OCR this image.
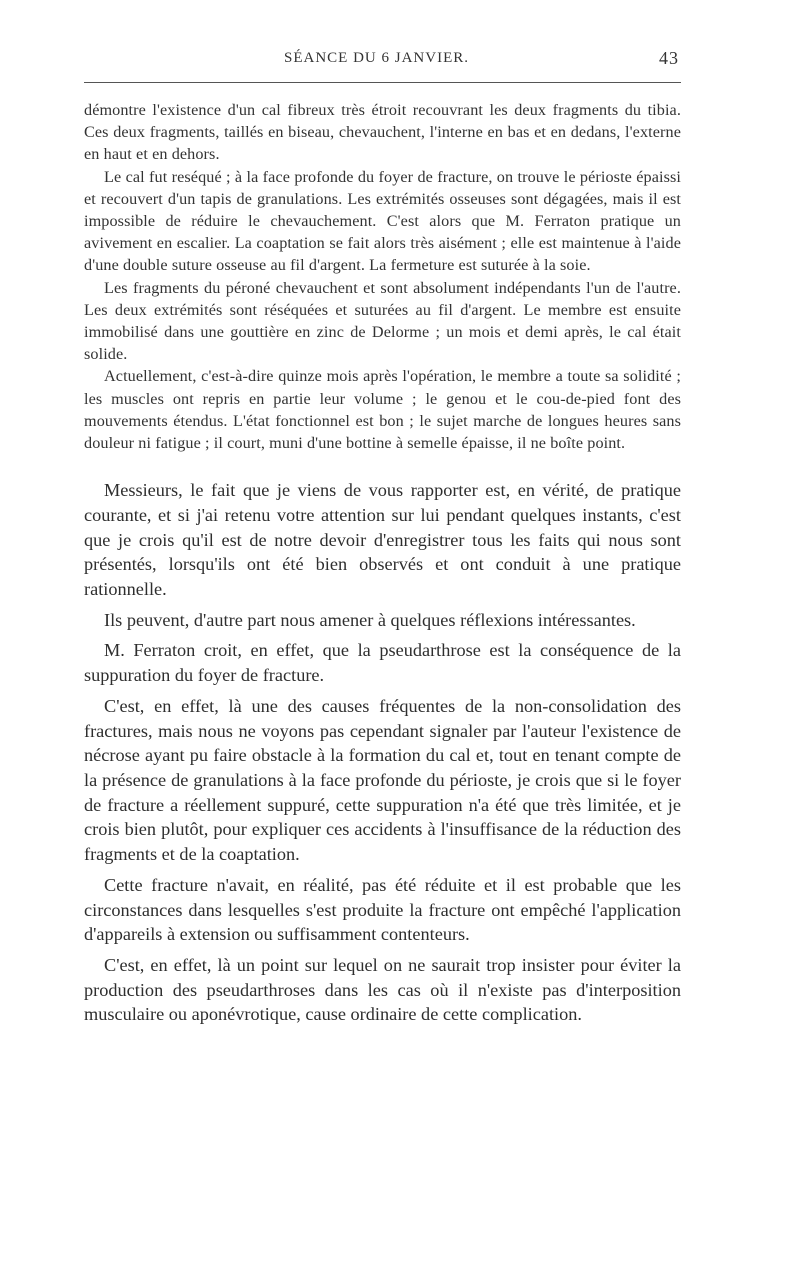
SÉANCE DU 6 JANVIER.	43

démontre l'existence d'un cal fibreux très étroit recouvrant les deux fragments du tibia. Ces deux fragments, taillés en biseau, chevauchent, l'interne en bas et en dedans, l'externe en haut et en dehors.

Le cal fut reséqué ; à la face profonde du foyer de fracture, on trouve le périoste épaissi et recouvert d'un tapis de granulations. Les extrémités osseuses sont dégagées, mais il est impossible de réduire le chevauchement. C'est alors que M. Ferraton pratique un avivement en escalier. La coaptation se fait alors très aisément ; elle est maintenue à l'aide d'une double suture osseuse au fil d'argent. La fermeture est suturée à la soie.

Les fragments du péroné chevauchent et sont absolument indépendants l'un de l'autre. Les deux extrémités sont réséquées et suturées au fil d'argent. Le membre est ensuite immobilisé dans une gouttière en zinc de Delorme ; un mois et demi après, le cal était solide.

Actuellement, c'est-à-dire quinze mois après l'opération, le membre a toute sa solidité ; les muscles ont repris en partie leur volume ; le genou et le cou-de-pied font des mouvements étendus. L'état fonctionnel est bon ; le sujet marche de longues heures sans douleur ni fatigue ; il court, muni d'une bottine à semelle épaisse, il ne boîte point.

Messieurs, le fait que je viens de vous rapporter est, en vérité, de pratique courante, et si j'ai retenu votre attention sur lui pendant quelques instants, c'est que je crois qu'il est de notre devoir d'enregistrer tous les faits qui nous sont présentés, lorsqu'ils ont été bien observés et ont conduit à une pratique rationnelle.

Ils peuvent, d'autre part nous amener à quelques réflexions intéressantes.

M. Ferraton croit, en effet, que la pseudarthrose est la conséquence de la suppuration du foyer de fracture.

C'est, en effet, là une des causes fréquentes de la non-consolidation des fractures, mais nous ne voyons pas cependant signaler par l'auteur l'existence de nécrose ayant pu faire obstacle à la formation du cal et, tout en tenant compte de la présence de granulations à la face profonde du périoste, je crois que si le foyer de fracture a réellement suppuré, cette suppuration n'a été que très limitée, et je crois bien plutôt, pour expliquer ces accidents à l'insuffisance de la réduction des fragments et de la coaptation.

Cette fracture n'avait, en réalité, pas été réduite et il est probable que les circonstances dans lesquelles s'est produite la fracture ont empêché l'application d'appareils à extension ou suffisamment contenteurs.

C'est, en effet, là un point sur lequel on ne saurait trop insister pour éviter la production des pseudarthroses dans les cas où il n'existe pas d'interposition musculaire ou aponévrotique, cause ordinaire de cette complication.
